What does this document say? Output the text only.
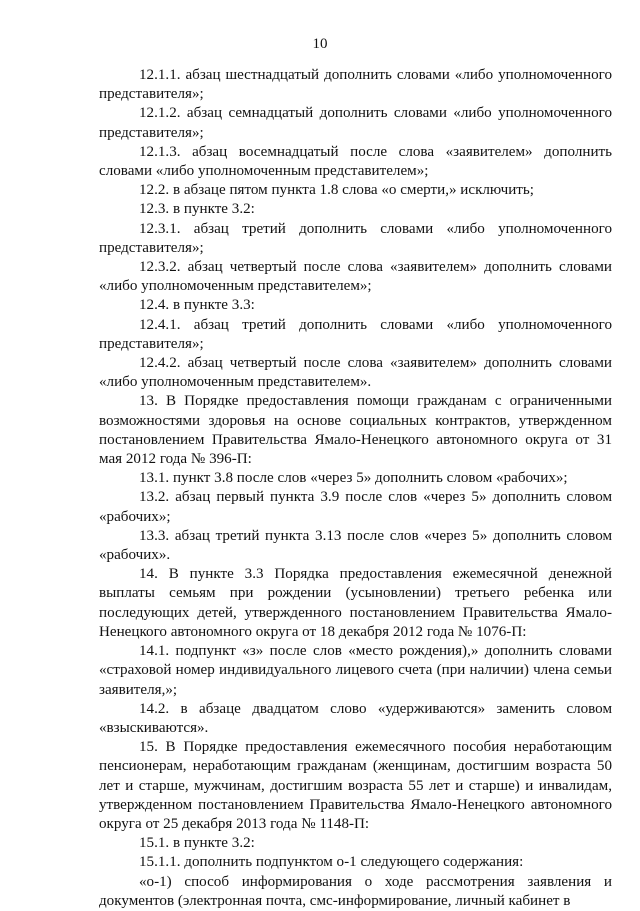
10

12.1.1. абзац шестнадцатый дополнить словами «либо уполномоченного представителя»;

12.1.2. абзац семнадцатый дополнить словами «либо уполномоченного представителя»;

12.1.3. абзац восемнадцатый после слова «заявителем» дополнить словами «либо уполномоченным представителем»;

12.2. в абзаце пятом пункта 1.8 слова «о смерти,» исключить;

12.3. в пункте 3.2:

12.3.1. абзац третий дополнить словами «либо уполномоченного представителя»;

12.3.2. абзац четвертый после слова «заявителем» дополнить словами «либо уполномоченным представителем»;

12.4. в пункте 3.3:

12.4.1. абзац третий дополнить словами «либо уполномоченного представителя»;

12.4.2. абзац четвертый после слова «заявителем» дополнить словами «либо уполномоченным представителем».

13. В Порядке предоставления помощи гражданам с ограниченными возможностями здоровья на основе социальных контрактов, утвержденном постановлением Правительства Ямало-Ненецкого автономного округа от 31 мая 2012 года № 396-П:

13.1. пункт 3.8 после слов «через 5» дополнить словом «рабочих»;

13.2. абзац первый пункта 3.9 после слов «через 5» дополнить словом «рабочих»;

13.3. абзац третий пункта 3.13 после слов «через 5» дополнить словом «рабочих».

14. В пункте 3.3 Порядка предоставления ежемесячной денежной выплаты семьям при рождении (усыновлении) третьего ребенка или последующих детей, утвержденного постановлением Правительства Ямало-Ненецкого автономного округа от 18 декабря 2012 года № 1076-П:

14.1. подпункт «з» после слов «место рождения),» дополнить словами «страховой номер индивидуального лицевого счета (при наличии) члена семьи заявителя,»;

14.2. в абзаце двадцатом слово «удерживаются» заменить словом «взыскиваются».

15. В Порядке предоставления ежемесячного пособия неработающим пенсионерам, неработающим гражданам (женщинам, достигшим возраста 50 лет и старше, мужчинам, достигшим возраста 55 лет и старше) и инвалидам, утвержденном постановлением Правительства Ямало-Ненецкого автономного округа от 25 декабря 2013 года № 1148-П:

15.1. в пункте 3.2:

15.1.1. дополнить подпунктом о-1 следующего содержания:

«о-1) способ информирования о ходе рассмотрения заявления и документов (электронная почта, смс-информирование, личный кабинет в
